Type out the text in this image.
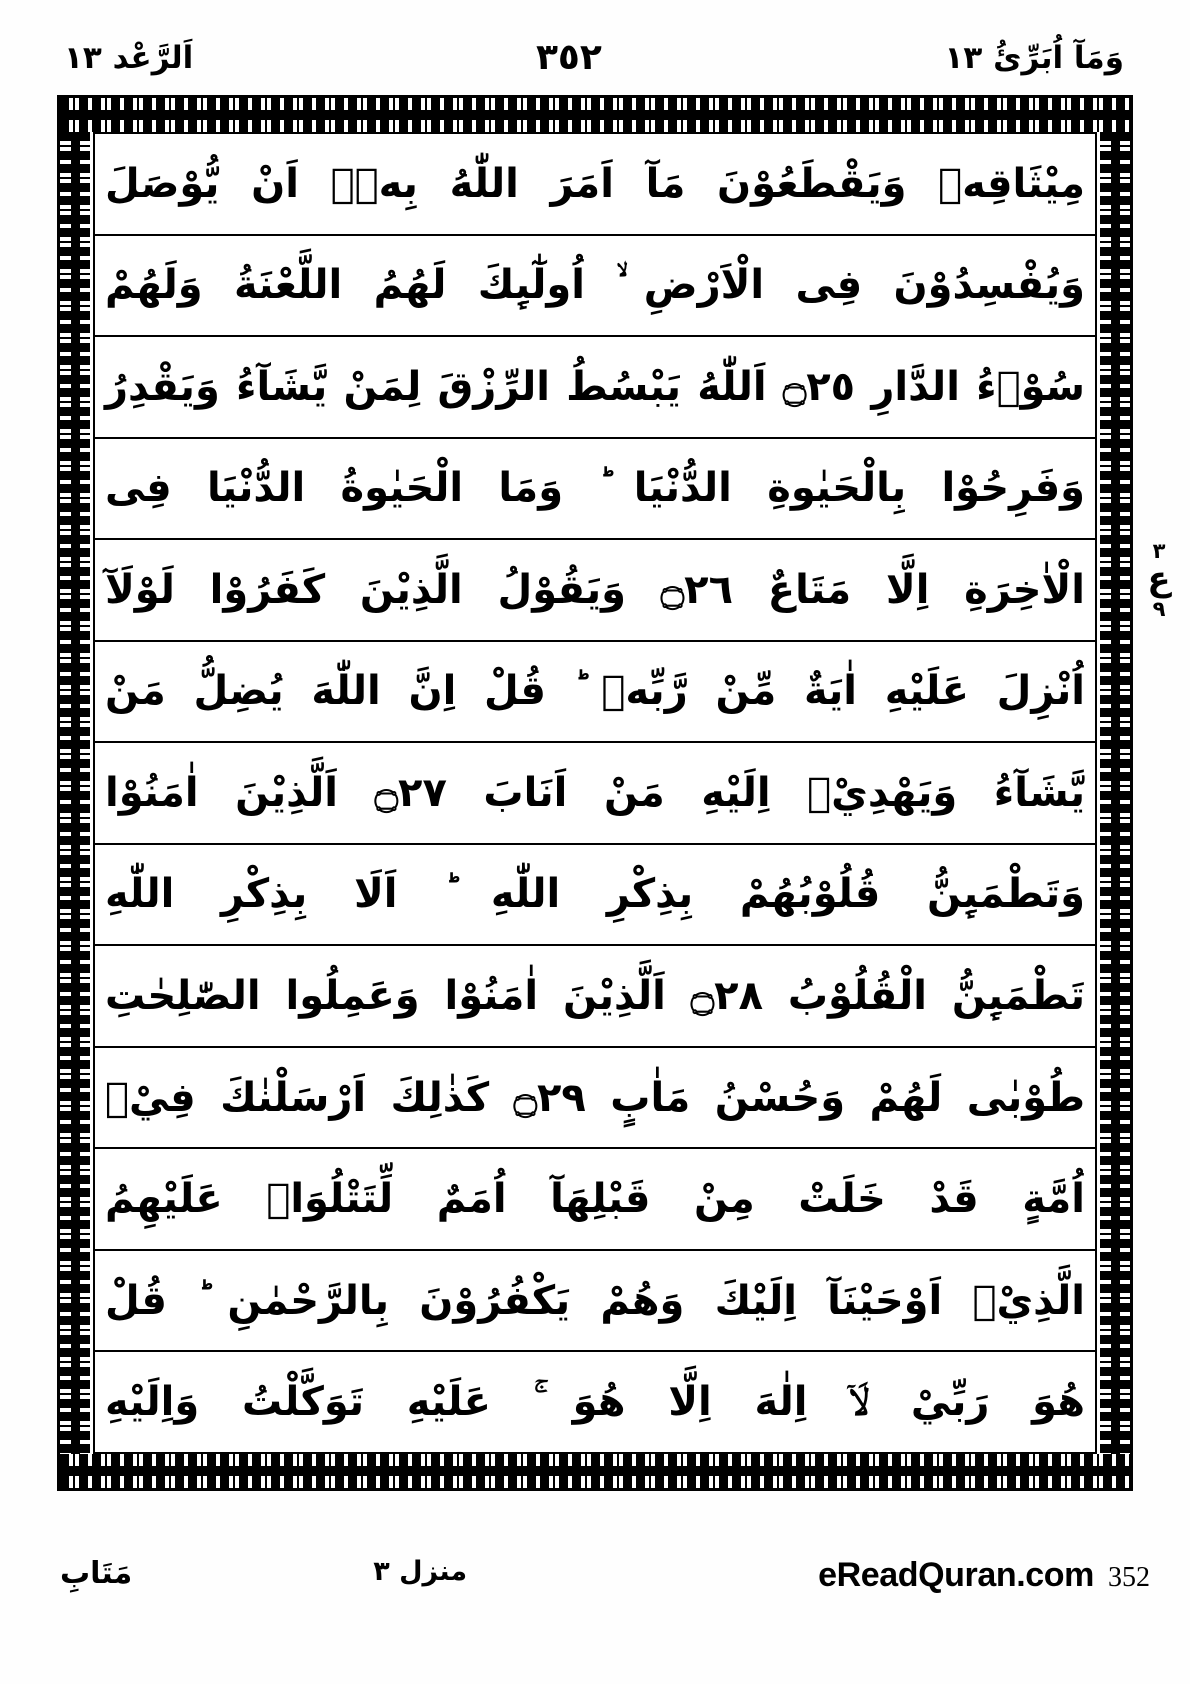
وَمَآ اُبَرِّئُ ١٣
٣٥٢
اَلرَّعْد ١٣
مِيْثَاقِهٖ وَيَقْطَعُوْنَ مَآ اَمَرَ اللّٰهُ بِهٖۤ اَنْ يُّوْصَلَ
وَيُفْسِدُوْنَ فِى الْاَرْضِ ۙ اُولٰٓىِٕكَ لَهُمُ اللَّعْنَةُ وَلَهُمْ
سُوْۤءُ الدَّارِ ۝٢٥ اَللّٰهُ يَبْسُطُ الرِّزْقَ لِمَنْ يَّشَآءُ وَيَقْدِرُ
وَفَرِحُوْا بِالْحَيٰوةِ الدُّنْيَا ؕ وَمَا الْحَيٰوةُ الدُّنْيَا فِى
الْاٰخِرَةِ اِلَّا مَتَاعٌ ۝٢٦ وَيَقُوْلُ الَّذِيْنَ كَفَرُوْا لَوْلَآ
اُنْزِلَ عَلَيْهِ اٰيَةٌ مِّنْ رَّبِّهٖ ؕ قُلْ اِنَّ اللّٰهَ يُضِلُّ مَنْ
يَّشَآءُ وَيَهْدِيْۤ اِلَيْهِ مَنْ اَنَابَ ۝٢٧ اَلَّذِيْنَ اٰمَنُوْا
وَتَطْمَىِٕنُّ قُلُوْبُهُمْ بِذِكْرِ اللّٰهِ ؕ اَلَا بِذِكْرِ اللّٰهِ
تَطْمَىِٕنُّ الْقُلُوْبُ ۝٢٨ اَلَّذِيْنَ اٰمَنُوْا وَعَمِلُوا الصّٰلِحٰتِ
طُوْبٰى لَهُمْ وَحُسْنُ مَاٰبٍ ۝٢٩ كَذٰلِكَ اَرْسَلْنٰكَ فِيْۤ
اُمَّةٍ قَدْ خَلَتْ مِنْ قَبْلِهَآ اُمَمٌ لِّتَتْلُوَا۟ عَلَيْهِمُ
الَّذِيْۤ اَوْحَيْنَآ اِلَيْكَ وَهُمْ يَكْفُرُوْنَ بِالرَّحْمٰنِ ؕ قُلْ
هُوَ رَبِّيْ لَاۤ اِلٰهَ اِلَّا هُوَ ۚ عَلَيْهِ تَوَكَّلْتُ وَاِلَيْهِ
٣
ع
٩
eReadQuran.com 352
منزل ٣
مَتَابِ
